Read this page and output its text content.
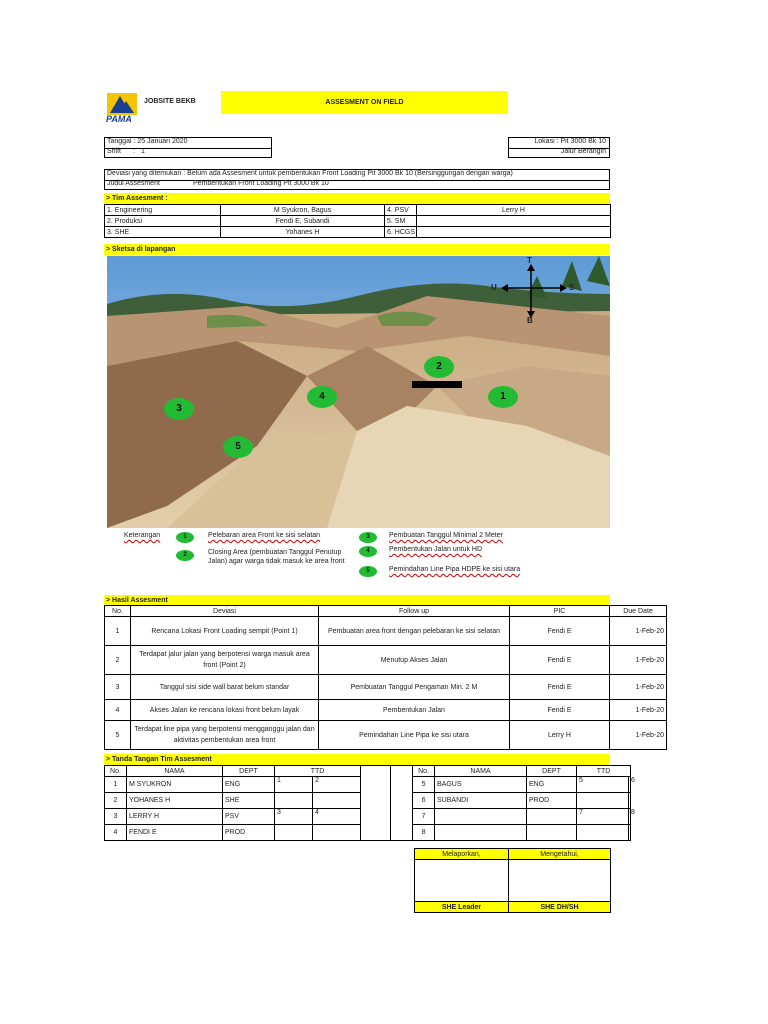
PAMA
JOBSITE BEKB	ASSESMENT ON FIELD
Tanggal : 25 Januari 2020
Shift : 1
Lokasi : Pit 3000 Bk 10
Jalur Berangin
Deviasi yang ditemukan : Belum ada Assesment untuk pembentukan Front Loading Pit 3000 Bk 10 (Bersinggungan dengan warga)
Judul Assesment	Pembentukan Front Loading Pit 3000 Bk 10
> Tim Assesment :
1. Engineering	M Syukron, Bagus	4. PSV	Lerry H
2. Produksi	Fendi E, Subandi	5. SM	
3. SHE	Yohanes H	6. HCGS	
> Sketsa di lapangan
T
U	S
B
2
1
4
3
5
Keterangan	1	Pelebaran area Front ke sisi selatan
2	Closing Area (pembuatan Tanggul Penutup Jalan) agar warga tidak masuk ke area front
3	Pembuatan Tanggul Minimal 2 Meter
4	Pembentukan Jalan untuk HD
5	Pemindahan Line Pipa HDPE ke sisi utara
> Hasil Assesment
No.	Deviasi	Follow up	PIC	Due Date
1	Rencana Lokasi Front Loading sempit (Point 1)	Pembuatan area front dengan pelebaran ke sisi selatan	Fendi E	1-Feb-20
2	Terdapat jalur jalan yang berpotensi warga masuk area front (Point 2)	Menutup Akses Jalan	Fendi E	1-Feb-20
3	Tanggul sisi side wall barat belum standar	Pembuatan Tanggul Pengaman Min. 2 M	Fendi E	1-Feb-20
4	Akses Jalan ke rencana lokasi front belum layak	Pembentukan Jalan	Fendi E	1-Feb-20
5	Terdapat line pipa yang berpotensi mengganggu jalan dan aktivitas pembentukan area front	Pemindahan Line Pipa ke sisi utara	Lerry H	1-Feb-20
> Tanda Tangan Tim Assesment
No.	NAMA	DEPT	TTD				No.	NAMA	DEPT	TTD	
1	M SYUKRON	ENG	1	2			5	BAGUS	ENG	5	6
2	YOHANES H	SHE					6	SUBANDI	PROD		
3	LERRY H	PSV	3	4			7			7	8
4	FENDI E	PROD					8				
Melaporkan,	Mengetahui,

SHE Leader	SHE DH/SH
